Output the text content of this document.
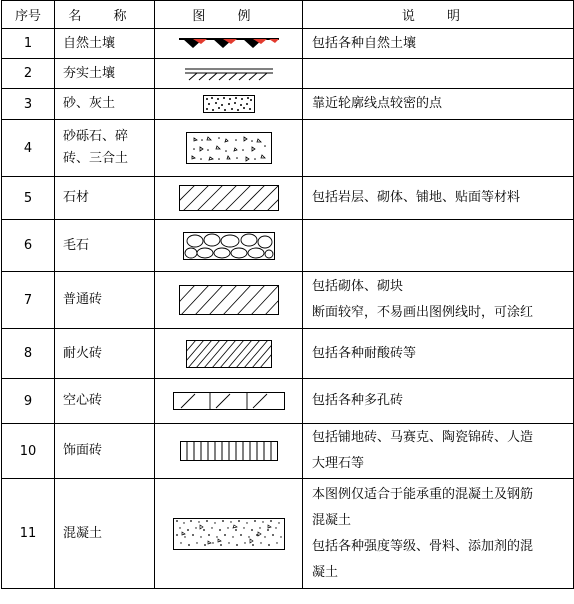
序号	名 称	图 例	说 明
1	自然土壤		包括各种自然土壤

2	夯实土壤	

3	砂、灰土		靠近轮廓线点较密的点

4	砂砾石、碎
砖、三合土

5	石材		包括岩层、砌体、铺地、贴面等材料

6	毛石	

7	普通砖		包括砌体、砌块
断面较窄，不易画出图例线时，可涂红

8	耐火砖		包括各种耐酸砖等

9	空心砖		包括各种多孔砖

10	饰面砖		包括铺地砖、马赛克、陶瓷锦砖、人造
大理石等

11	混凝土		本图例仅适合于能承重的混凝土及钢筋
混凝土
包括各种强度等级、骨料、添加剂的混
凝土
